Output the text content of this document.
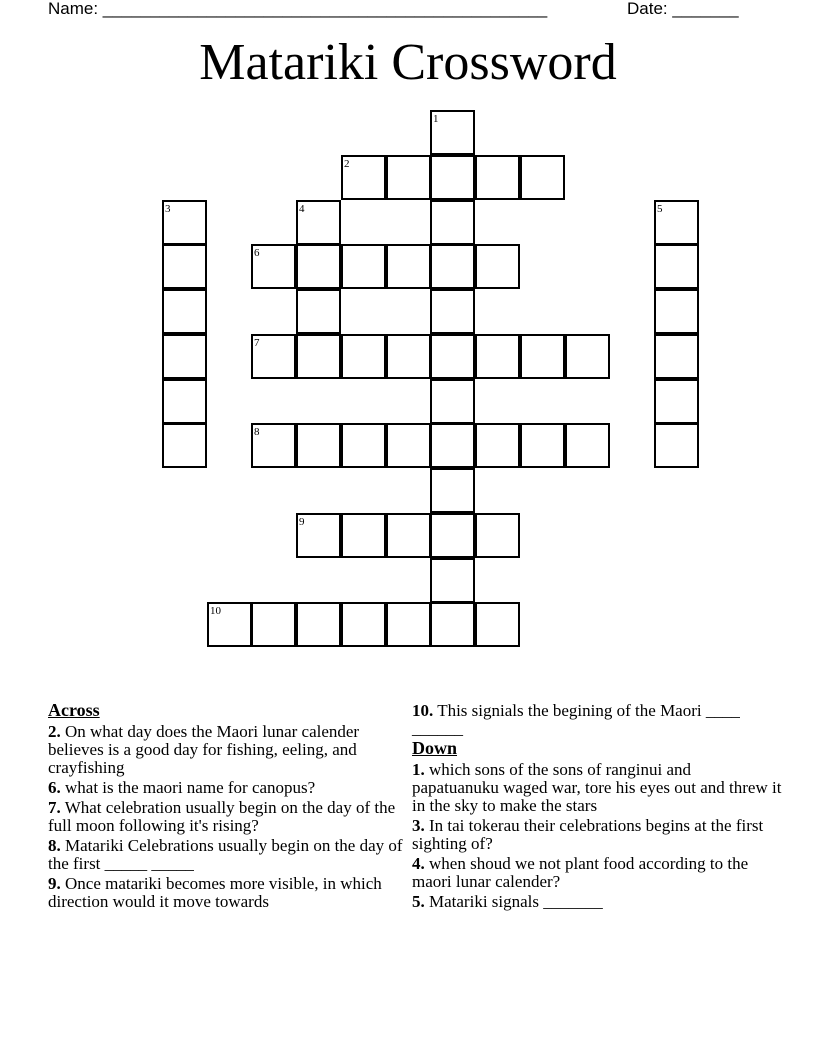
Name: _______________________________________________	Date: _______
Matariki Crossword
1
2
3	4	5
6
7
8
9
10
Across
2. On what day does the Maori lunar calender believes is a good day for fishing, eeling, and crayfishing
6. what is the maori name for canopus?
7. What celebration usually begin on the day of the full moon following it's rising?
8. Matariki Celebrations usually begin on the day of the first _____ _____
9. Once matariki becomes more visible, in which direction would it move towards
10. This signials the begining of the Maori ____ ______
Down
1. which sons of the sons of ranginui and papatuanuku waged war, tore his eyes out and threw it in the sky to make the stars
3. In tai tokerau their celebrations begins at the first sighting of?
4. when shoud we not plant food according to the maori lunar calender?
5. Matariki signals _______
